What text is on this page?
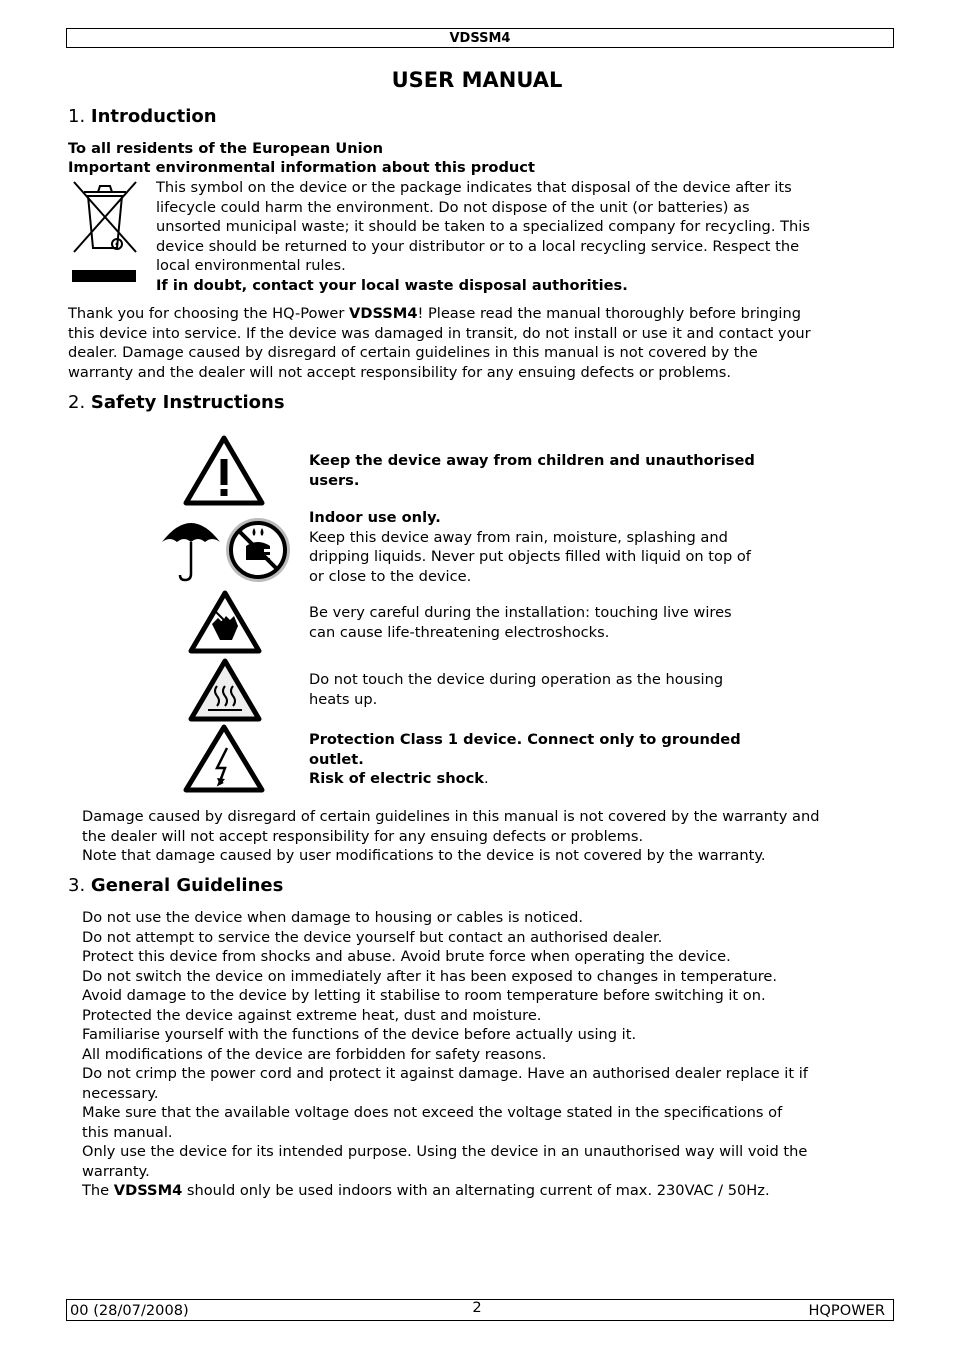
VDSSM4
USER MANUAL
1. Introduction
To all residents of the European Union
Important environmental information about this product
This symbol on the device or the package indicates that disposal of the device after its
lifecycle could harm the environment. Do not dispose of the unit (or batteries) as
unsorted municipal waste; it should be taken to a specialized company for recycling. This
device should be returned to your distributor or to a local recycling service. Respect the
local environmental rules.
If in doubt, contact your local waste disposal authorities.
Thank you for choosing the HQ-Power VDSSM4! Please read the manual thoroughly before bringing
this device into service. If the device was damaged in transit, do not install or use it and contact your
dealer. Damage caused by disregard of certain guidelines in this manual is not covered by the
warranty and the dealer will not accept responsibility for any ensuing defects or problems.
2. Safety Instructions
Keep the device away from children and unauthorised
users.
Indoor use only.
Keep this device away from rain, moisture, splashing and
dripping liquids. Never put objects filled with liquid on top of
or close to the device.
Be very careful during the installation: touching live wires
can cause life-threatening electroshocks.
Do not touch the device during operation as the housing
heats up.
Protection Class 1 device. Connect only to grounded
outlet.
Risk of electric shock.
Damage caused by disregard of certain guidelines in this manual is not covered by the warranty and
the dealer will not accept responsibility for any ensuing defects or problems.
Note that damage caused by user modifications to the device is not covered by the warranty.
3. General Guidelines
Do not use the device when damage to housing or cables is noticed.
Do not attempt to service the device yourself but contact an authorised dealer.
Protect this device from shocks and abuse. Avoid brute force when operating the device.
Do not switch the device on immediately after it has been exposed to changes in temperature.
Avoid damage to the device by letting it stabilise to room temperature before switching it on.
Protected the device against extreme heat, dust and moisture.
Familiarise yourself with the functions of the device before actually using it.
All modifications of the device are forbidden for safety reasons.
Do not crimp the power cord and protect it against damage. Have an authorised dealer replace it if
necessary.
Make sure that the available voltage does not exceed the voltage stated in the specifications of
this manual.
Only use the device for its intended purpose. Using the device in an unauthorised way will void the
warranty.
The VDSSM4 should only be used indoors with an alternating current of max. 230VAC / 50Hz.
00 (28/07/2008)	HQPOWER
2
